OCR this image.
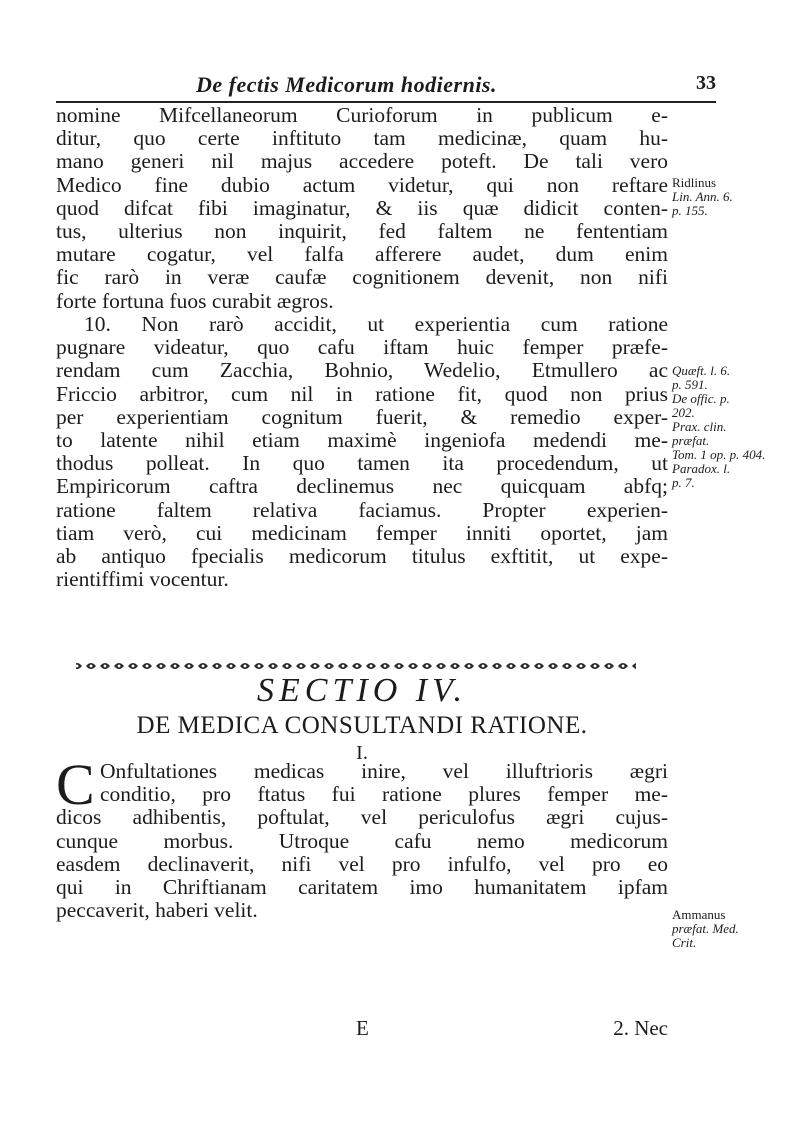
De fectis Medicorum hodiernis.	33
nomine Mifcellaneorum Curioforum in publicum e-
ditur, quo certe inftituto tam medicinæ, quam hu-
mano generi nil majus accedere poteft. De tali vero
Medico fine dubio actum videtur, qui non reftare
quod difcat fibi imaginatur, & iis quæ didicit conten-
tus, ulterius non inquirit, fed faltem ne fententiam
mutare cogatur, vel falfa afferere audet, dum enim
fic rarò in veræ caufæ cognitionem devenit, non nifi
forte fortuna fuos curabit ægros.
10. Non rarò accidit, ut experientia cum ratione
pugnare videatur, quo cafu iftam huic femper præfe-
rendam cum Zacchia, Bohnio, Wedelio, Etmullero ac
Friccio arbitror, cum nil in ratione fit, quod non prius
per experientiam cognitum fuerit, & remedio exper-
to latente nihil etiam maximè ingeniofa medendi me-
thodus polleat. In quo tamen ita procedendum, ut
Empiricorum caftra declinemus nec quicquam abfq;
ratione faltem relativa faciamus. Propter experien-
tiam verò, cui medicinam femper inniti oportet, jam
ab antiquo fpecialis medicorum titulus exftitit, ut expe-
rientiffimi vocentur.
Ridlinus
Lin. Ann. 6.
p. 155.
Quæft. l. 6.
p. 591.
De offic. p.
202.
Prax. clin.
præfat.
Tom. 1 op. p. 404.
Paradox. l.
p. 7.
SECTIO IV.
DE MEDICA CONSULTANDI RATIONE.
I.
C Onfultationes medicas inire, vel illuftrioris ægri
conditio, pro ftatus fui ratione plures femper me-
dicos adhibentis, poftulat, vel periculofus ægri cujus-
cunque morbus. Utroque cafu nemo medicorum
easdem declinaverit, nifi vel pro infulfo, vel pro eo
qui in Chriftianam caritatem imo humanitatem ipfam
peccaverit, haberi velit.	Ammanus
præfat. Med.
Crit.
E	2. Nec
